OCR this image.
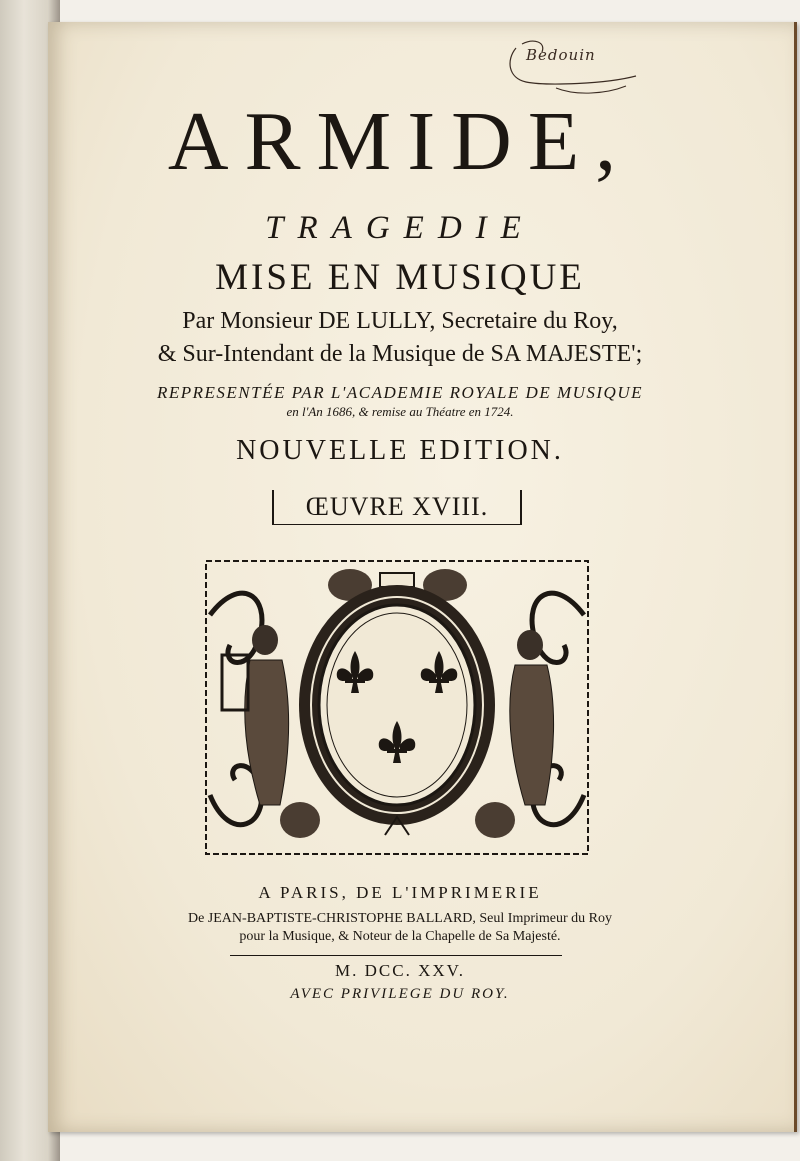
Bedouin
ARMIDE,
TRAGEDIE
MISE EN MUSIQUE
Par Monsieur DE LULLY, Secretaire du Roy,
& Sur-Intendant de la Musique de SA MAJESTE';
REPRESENTÉE PAR L'ACADEMIE ROYALE DE MUSIQUE
en l'An 1686, & remise au Théatre en 1724.
NOUVELLE EDITION.
ŒUVRE XVIII.
A PARIS, DE L'IMPRIMERIE
De JEAN-BAPTISTE-CHRISTOPHE BALLARD, Seul Imprimeur du Roy
pour la Musique, & Noteur de la Chapelle de Sa Majesté.
M. DCC. XXV.
AVEC PRIVILEGE DU ROY.
